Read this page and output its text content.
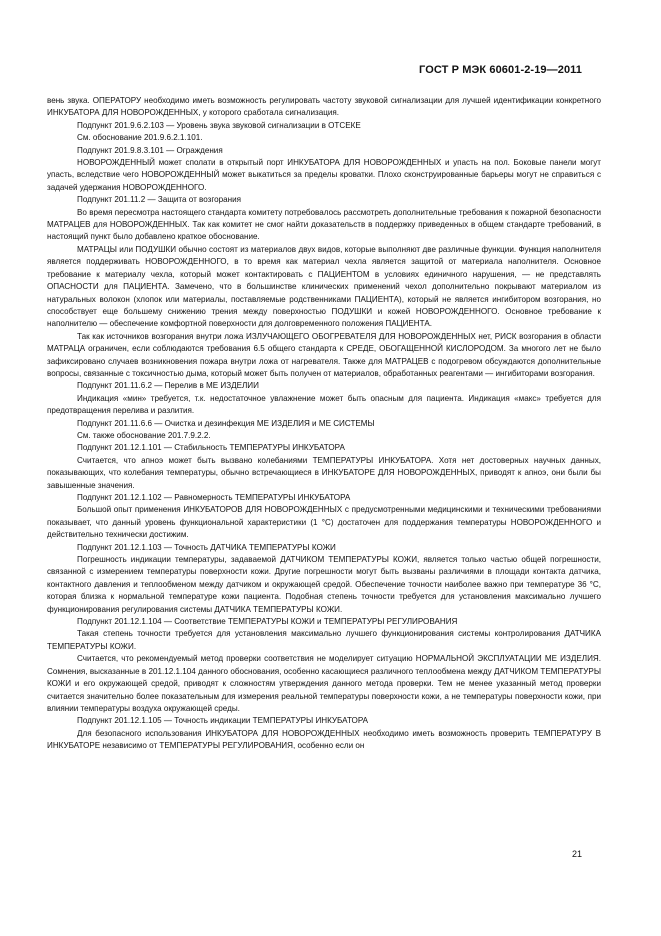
ГОСТ Р МЭК 60601-2-19—2011

вень звука. ОПЕРАТОРУ необходимо иметь возможность регулировать частоту звуковой сигнализации для лучшей идентификации конкретного ИНКУБАТОРА ДЛЯ НОВОРОЖДЕННЫХ, у которого сработала сигнализация.

Подпункт 201.9.6.2.103 — Уровень звука звуковой сигнализации в ОТСЕКЕ

См. обоснование 201.9.6.2.1.101.

Подпункт 201.9.8.3.101 — Ограждения

НОВОРОЖДЕННЫЙ может сполати в открытый порт ИНКУБАТОРА ДЛЯ НОВОРОЖДЕННЫХ и упасть на пол. Боковые панели могут упасть, вследствие чего НОВОРОЖДЕННЫЙ может выкатиться за пределы кроватки. Плохо сконструированные барьеры могут не справиться с задачей удержания НОВОРОЖДЕННОГО.

Подпункт 201.11.2 — Защита от возгорания

Во время пересмотра настоящего стандарта комитету потребовалось рассмотреть дополнительные требования к пожарной безопасности МАТРАЦЕВ для НОВОРОЖДЕННЫХ. Так как комитет не смог найти доказательств в поддержку приведенных в общем стандарте требований, в настоящий пункт было добавлено краткое обоснование.

МАТРАЦЫ или ПОДУШКИ обычно состоят из материалов двух видов, которые выполняют две различные функции. Функция наполнителя является поддерживать НОВОРОЖДЕННОГО, в то время как материал чехла является защитой от материала наполнителя. Основное требование к материалу чехла, который может контактировать с ПАЦИЕНТОМ в условиях единичного нарушения, — не представлять ОПАСНОСТИ для ПАЦИЕНТА. Замечено, что в большинстве клинических применений чехол дополнительно покрывают материалом из натуральных волокон (хлопок или материалы, поставляемые родственниками ПАЦИЕНТА), который не является ингибитором возгорания, но способствует еще большему снижению трения между поверхностью ПОДУШКИ и кожей НОВОРОЖДЕННОГО. Основное требование к наполнителю — обеспечение комфортной поверхности для долговременного положения ПАЦИЕНТА.

Так как источников возгорания внутри ложа ИЗЛУЧАЮЩЕГО ОБОГРЕВАТЕЛЯ ДЛЯ НОВОРОЖДЕННЫХ нет, РИСК возгорания в области МАТРАЦА ограничен, если соблюдаются требования 6.5 общего стандарта к СРЕДЕ, ОБОГАЩЕННОЙ КИСЛОРОДОМ. За многого лет не было зафиксировано случаев возникновения пожара внутри ложа от нагревателя. Также для МАТРАЦЕВ с подогревом обсуждаются дополнительные вопросы, связанные с токсичностью дыма, который может быть получен от материалов, обработанных реагентами — ингибиторами возгорания.

Подпункт 201.11.6.2 — Перелив в МЕ ИЗДЕЛИИ

Индикация «мин» требуется, т.к. недостаточное увлажнение может быть опасным для пациента. Индикация «макс» требуется для предотвращения перелива и разлития.

Подпункт 201.11.6.6 — Очистка и дезинфекция МЕ ИЗДЕЛИЯ и МЕ СИСТЕМЫ

См. также обоснование 201.7.9.2.2.

Подпункт 201.12.1.101 — Стабильность ТЕМПЕРАТУРЫ ИНКУБАТОРА

Считается, что апноэ может быть вызвано колебаниями ТЕМПЕРАТУРЫ ИНКУБАТОРА. Хотя нет достоверных научных данных, показывающих, что колебания температуры, обычно встречающиеся в ИНКУБАТОРЕ ДЛЯ НОВОРОЖДЕННЫХ, приводят к апноэ, они были бы завышенные значения.

Подпункт 201.12.1.102 — Равномерность ТЕМПЕРАТУРЫ ИНКУБАТОРА

Большой опыт применения ИНКУБАТОРОВ ДЛЯ НОВОРОЖДЕННЫХ с предусмотренными медицинскими и техническими требованиями показывает, что данный уровень функциональной характеристики (1 °С) достаточен для поддержания температуры НОВОРОЖДЕННОГО и действительно технически достижим.

Подпункт 201.12.1.103 — Точность ДАТЧИКА ТЕМПЕРАТУРЫ КОЖИ

Погрешность индикации температуры, задаваемой ДАТЧИКОМ ТЕМПЕРАТУРЫ КОЖИ, является только частью общей погрешности, связанной с измерением температуры поверхности кожи. Другие погрешности могут быть вызваны различиями в площади контакта датчика, контактного давления и теплообменом между датчиком и окружающей средой. Обеспечение точности наиболее важно при температуре 36 °С, которая близка к нормальной температуре кожи пациента. Подобная степень точности требуется для установления максимально лучшего функционирования регулирования системы ДАТЧИКА ТЕМПЕРАТУРЫ КОЖИ.

Подпункт 201.12.1.104 — Соответствие ТЕМПЕРАТУРЫ КОЖИ и ТЕМПЕРАТУРЫ РЕГУЛИРОВАНИЯ

Такая степень точности требуется для установления максимально лучшего функционирования системы контролирования ДАТЧИКА ТЕМПЕРАТУРЫ КОЖИ.

Считается, что рекомендуемый метод проверки соответствия не моделирует ситуацию НОРМАЛЬНОЙ ЭКСПЛУАТАЦИИ МЕ ИЗДЕЛИЯ. Сомнения, высказанные в 201.12.1.104 данного обоснования, особенно касающиеся различного теплообмена между ДАТЧИКОМ ТЕМПЕРАТУРЫ КОЖИ и его окружающей средой, приводят к сложностям утверждения данного метода проверки. Тем не менее указанный метод проверки считается значительно более показательным для измерения реальной температуры поверхности кожи, а не температуры поверхности кожи, при влиянии температуры воздуха окружающей среды.

Подпункт 201.12.1.105 — Точность индикации ТЕМПЕРАТУРЫ ИНКУБАТОРА

Для безопасного использования ИНКУБАТОРА ДЛЯ НОВОРОЖДЕННЫХ необходимо иметь возможность проверить ТЕМПЕРАТУРУ В ИНКУБАТОРЕ независимо от ТЕМПЕРАТУРЫ РЕГУЛИРОВАНИЯ, особенно если он

21
